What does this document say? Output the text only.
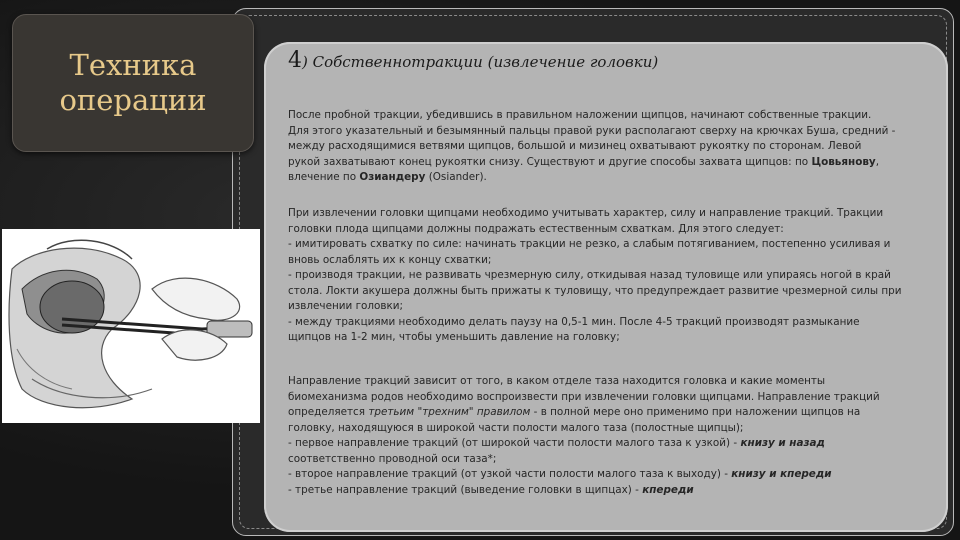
Техника
операции
4) Собственнотракции (извлечение головки)

После пробной тракции, убедившись в правильном наложении щипцов, начинают собственные тракции.

Для этого указательный и безымянный пальцы правой руки располагают сверху на крючках Буша, средний -

между расходящимися ветвями щипцов, большой и мизинец охватывают рукоятку по сторонам. Левой

рукой захватывают конец рукоятки снизу. Существуют и другие способы захвата щипцов: по Цовьянову,

влечение по Озиандеру (Osiander).

При извлечении головки щипцами необходимо учитывать характер, силу и направление тракций. Тракции

головки плода щипцами должны подражать естественным схваткам. Для этого следует:

- имитировать схватку по силе: начинать тракции не резко, а слабым потягиванием, постепенно усиливая и

вновь ослаблять их к концу схватки;

- производя тракции, не развивать чрезмерную силу, откидывая назад туловище или упираясь ногой в край

стола. Локти акушера должны быть прижаты к туловищу, что предупреждает развитие чрезмерной силы при

извлечении головки;

- между тракциями необходимо делать паузу на 0,5-1 мин. После 4-5 тракций производят размыкание

щипцов на 1-2 мин, чтобы уменьшить давление на головку;

Направление тракций зависит от того, в каком отделе таза находится головка и какие моменты

биомеханизма родов необходимо воспроизвести при извлечении головки щипцами. Направление тракций

определяется третьим "трехним" правилом - в полной мере оно применимо при наложении щипцов на

головку, находящуюся в широкой части полости малого таза (полостные щипцы);

- первое направление тракций (от широкой части полости малого таза к узкой) - книзу и назад

соответственно проводной оси таза*;

- второе направление тракций (от узкой части полости малого таза к выходу) - книзу и кпереди

- третье направление тракций (выведение головки в щипцах) - кпереди
